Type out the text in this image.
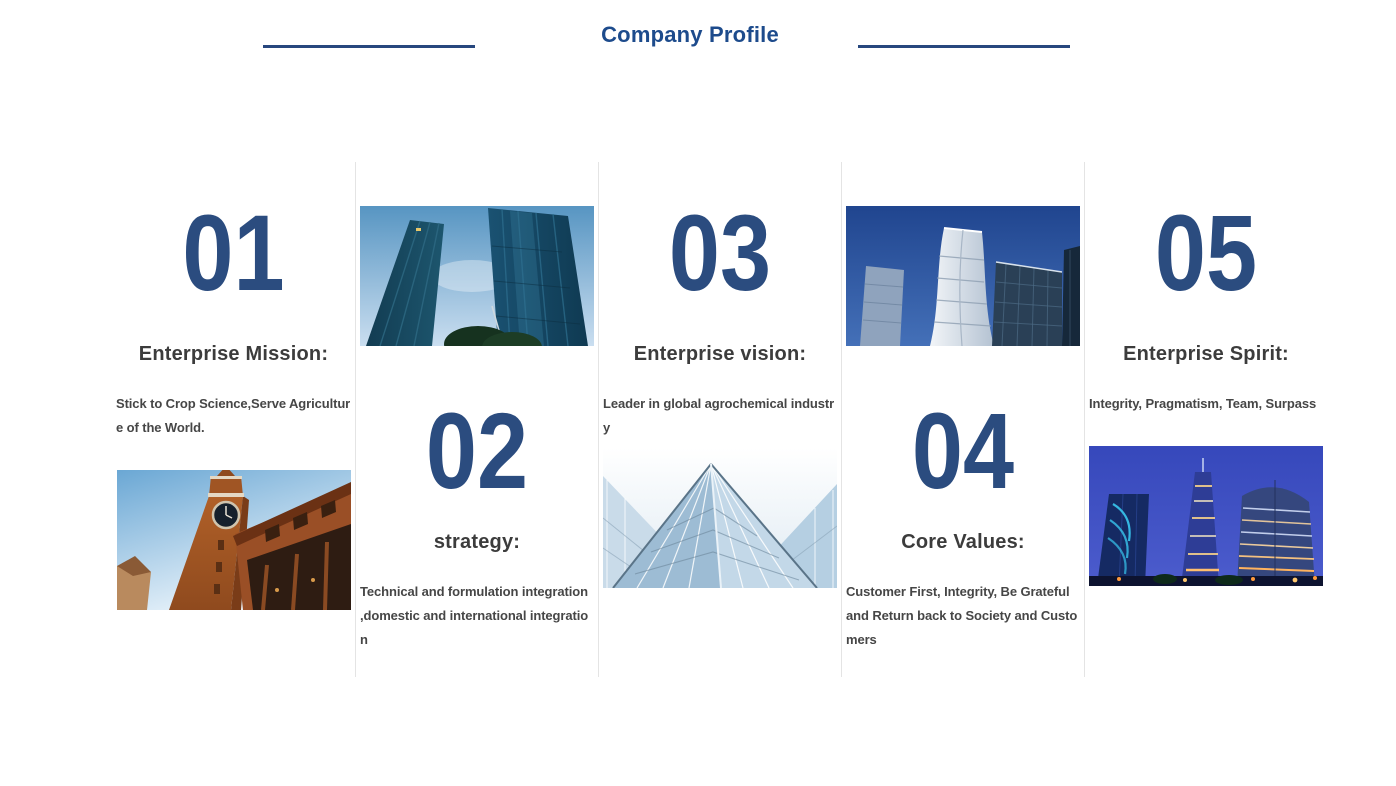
Company Profile
01
Enterprise Mission:

Stick to Crop Science,Serve Agriculture of the World.	02
strategy:

Technical and formulation integration ,domestic and international integration

03
Enterprise vision:

Leader in global agrochemical industry	04
Core Values:

Customer First, Integrity, Be Grateful and Return back to Society and Customers

05
Enterprise Spirit:

Integrity, Pragmatism, Team, Surpass
